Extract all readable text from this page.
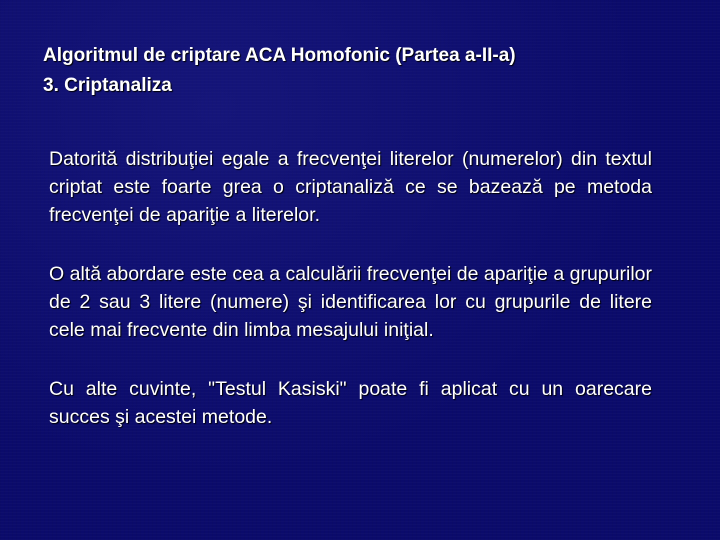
Algoritmul de criptare ACA Homofonic (Partea a-II-a)
3. Criptanaliza

Datorită distribuţiei egale a frecvenţei literelor (numerelor) din textul criptat este foarte grea o criptanaliză ce se bazează pe metoda frecvenţei de apariţie a literelor.

O altă abordare este cea a calculării frecvenţei de apariţie a grupurilor de 2 sau 3 litere (numere) şi identificarea lor cu grupurile de litere cele mai frecvente din limba mesajului iniţial.

Cu alte cuvinte, "Testul Kasiski" poate fi aplicat cu un oarecare succes şi acestei metode.
